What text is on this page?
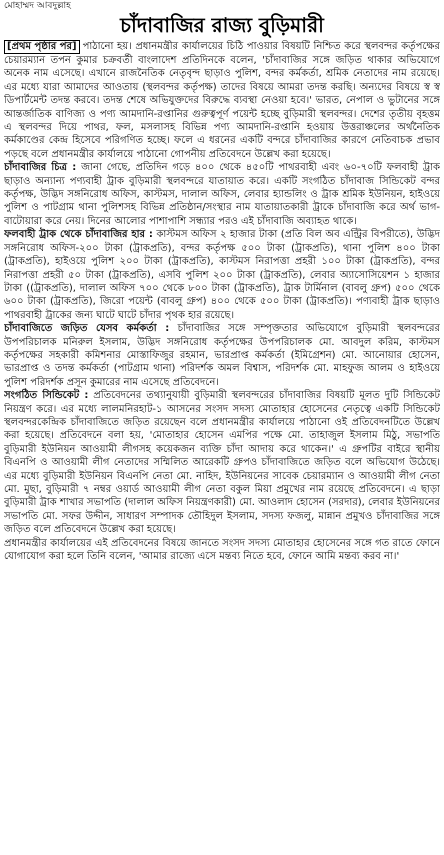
মোহাম্মদ আবদুল্লাহ
চাঁদাবাজির রাজ্য বুড়িমারী

[প্রথম পৃষ্ঠার পর] পাঠানো হয়। প্রধানমন্ত্রীর কার্যালয়ের চিঠি পাওয়ার বিষয়টি নিশ্চিত করে স্থলবন্দর কর্তৃপক্ষের চেয়ারম্যান তপন কুমার চক্রবর্তী বাংলাদেশ প্রতিদিনকে বলেন, 'চাঁদাবাজির সঙ্গে জড়িত থাকার অভিযোগে অনেক নাম এসেছে। এখানে রাজনৈতিক নেতৃবৃন্দ ছাড়াও পুলিশ, বন্দর কর্মকর্তা, শ্রমিক নেতাদের নাম রয়েছে। এর মধ্যে যারা আমাদের আওতায় (স্থলবন্দর কর্তৃপক্ষ) তাদের বিষয়ে আমরা তদন্ত করছি। অন্যদের বিষয়ে স্ব স্ব ডিপার্টমেন্ট তদন্ত করবে। তদন্ত শেষে অভিযুক্তদের বিরুদ্ধে ব্যবস্থা নেওয়া হবে।' ভারত, নেপাল ও ভুটানের সঙ্গে আন্তর্জাতিক বাণিজ্য ও পণ্য আমদানি-রপ্তানির গুরুত্বপূর্ণ পয়েন্ট হচ্ছে বুড়িমারী স্থলবন্দর। দেশের তৃতীয় বৃহত্তম এ স্থলবন্দর দিয়ে পাথর, ফল, মসলাসহ বিভিন্ন পণ্য আমদানি-রপ্তানি হওয়ায় উত্তরাঞ্চলের অর্থনৈতিক কর্মকাণ্ডের কেন্দ্র হিসেবে পরিগণিত হচ্ছে। ফলে এ ধরনের একটি বন্দরে চাঁদাবাজির কারণে নেতিবাচক প্রভাব পড়ছে বলে প্রধানমন্ত্রীর কার্যালয়ে পাঠানো গোপনীয় প্রতিবেদনে উল্লেখ করা হয়েছে।

চাঁদাবাজির চিত্র : জানা গেছে, প্রতিদিন গড়ে ৪০০ থেকে ৪৫০টি পাথরবাহী এবং ৬০-৭০টি ফলবাহী ট্রাক ছাড়াও অন্যান্য পণ্যবাহী ট্রাক বুড়িমারী স্থলবন্দরে যাতায়াত করে। একটি সংগঠিত চাঁদাবাজ সিন্ডিকেট বন্দর কর্তৃপক্ষ, উদ্ভিদ সঙ্গনিরোধ অফিস, কাস্টমস, দালাল অফিস, লেবার হ্যান্ডলিং ও ট্রাক শ্রমিক ইউনিয়ন, হাইওয়ে পুলিশ ও পাটগ্রাম থানা পুলিশসহ বিভিন্ন প্রতিষ্ঠান/সংস্থার নাম যাতায়াতকারী ট্রাকে চাঁদাবাজি করে অর্থ ভাগ-বাটোয়ারা করে নেয়। দিনের আলোর পাশাপাশি সন্ধ্যার পরও এই চাঁদাবাজি অব্যাহত থাকে।

ফলবাহী ট্রাক থেকে চাঁদাবাজির হার : কাস্টমস অফিস ২ হাজার টাকা (প্রতি বিল অব এন্ট্রির বিপরীতে), উদ্ভিদ সঙ্গনিরোধ অফিস-২০০ টাকা (ট্রাকপ্রতি), বন্দর কর্তৃপক্ষ ৫০০ টাকা (ট্রাকপ্রতি), থানা পুলিশ ৪০০ টাকা (ট্রাকপ্রতি), হাইওয়ে পুলিশ ২০০ টাকা (ট্রাকপ্রতি), কাস্টমস নিরাপত্তা প্রহরী ১০০ টাকা (ট্রাকপ্রতি), বন্দর নিরাপত্তা প্রহরী ৫০ টাকা (ট্রাকপ্রতি), এসবি পুলিশ ২০০ টাকা (ট্রাকপ্রতি), লেবার অ্যাসোসিয়েশন ১ হাজার টাকা ((ট্রাকপ্রতি), দালাল অফিস ৭০০ থেকে ৮০০ টাকা (ট্রাকপ্রতি), ট্রাক টার্মিনাল (বাবলু গ্রুপ) ৫০০ থেকে ৬০০ টাকা (ট্রাকপ্রতি), জিরো পয়েন্ট (বাবলু গ্রুপ) ৪০০ থেকে ৫০০ টাকা (ট্রাকপ্রতি)। পণ্যবাহী ট্রাক ছাড়াও পাথরবাহী ট্রাকের জন্য ঘাটে ঘাটে চাঁদার পৃথক হার রয়েছে।

চাঁদাবাজিতে জড়িত যেসব কর্মকর্তা : চাঁদাবাজির সঙ্গে সম্পৃক্ততার অভিযোগে বুড়িমারী স্থলবন্দরের উপপরিচালক মনিরুল ইসলাম, উদ্ভিদ সঙ্গনিরোধ কর্তৃপক্ষের উপপরিচালক মো. আবদুল করিম, কাস্টমস কর্তৃপক্ষের সহকারী কমিশনার মোস্তাফিজুর রহমান, ভারপ্রাপ্ত কর্মকর্তা (ইমিগ্রেশন) মো. আনোয়ার হোসেন, ভারপ্রাপ্ত ও তদন্ত কর্মকর্তা (পাটগ্রাম থানা) পরিদর্শক অমল বিশ্বাস, পরিদর্শক মো. মাহফুজ আলম ও হাইওয়ে পুলিশ পরিদর্শক প্রসূন কুমারের নাম এসেছে প্রতিবেদনে।

সংগঠিত সিন্ডিকেট : প্রতিবেদনের তথ্যানুযায়ী বুড়িমারী স্থলবন্দরের চাঁদাবাজির বিষয়টি মূলত দুটি সিন্ডিকেট নিয়ন্ত্রণ করে। এর মধ্যে লালমনিরহাট-১ আসনের সংসদ সদস্য মোতাহার হোসেনের নেতৃত্বে একটি সিন্ডিকেট স্থলবন্দরকেন্দ্রিক চাঁদাবাজিতে জড়িত রয়েছেন বলে প্রধানমন্ত্রীর কার্যালয়ে পাঠানো ওই প্রতিবেদনটিতে উল্লেখ করা হয়েছে। প্রতিবেদনে বলা হয়, 'মোতাহার হোসেন এমপির পক্ষে মো. তাহাজুল ইসলাম মিঠু, সভাপতি বুড়িমারী ইউনিয়ন আওয়ামী লীগসহ কয়েকজন ব্যক্তি চাঁদা আদায় করে থাকেন।' এ গ্রুপটির বাইরে স্থানীয় বিএনপি ও আওয়ামী লীগ নেতাদের সম্মিলিত আরেকটি গ্রুপও চাঁদাবাজিতে জড়িত বলে অভিযোগ উঠেছে। এর মধ্যে বুড়িমারী ইউনিয়ন বিএনপি নেতা মো. নাহিদ, ইউনিয়নের সাবেক চেয়ারম্যান ও আওয়ামী লীগ নেতা মো. মুছা, বুড়িমারী ৭ নম্বর ওয়ার্ড আওয়ামী লীগ নেতা বকুল মিয়া প্রমুখের নাম রয়েছে প্রতিবেদনে। এ ছাড়া বুড়িমারী ট্রাক শাখার সভাপতি (দালাল অফিস নিয়ন্ত্রণকারী) মো. আওলাদ হোসেন (সরদার), লেবার ইউনিয়নের সভাপতি মো. সফর উদ্দীন, সাধারণ সম্পাদক তৌহিদুল ইসলাম, সদস্য ফজলু, মান্নান প্রমুখও চাঁদাবাজির সঙ্গে জড়িত বলে প্রতিবেদনে উল্লেখ করা হয়েছে।

প্রধানমন্ত্রীর কার্যালয়ের এই প্রতিবেদনের বিষয়ে জানতে সংসদ সদস্য মোতাহার হোসেনের সঙ্গে গত রাতে ফোনে যোগাযোগ করা হলে তিনি বলেন, 'আমার রাজ্যে এসে মন্তব্য নিতে হবে, ফোনে আমি মন্তব্য করব না।'
